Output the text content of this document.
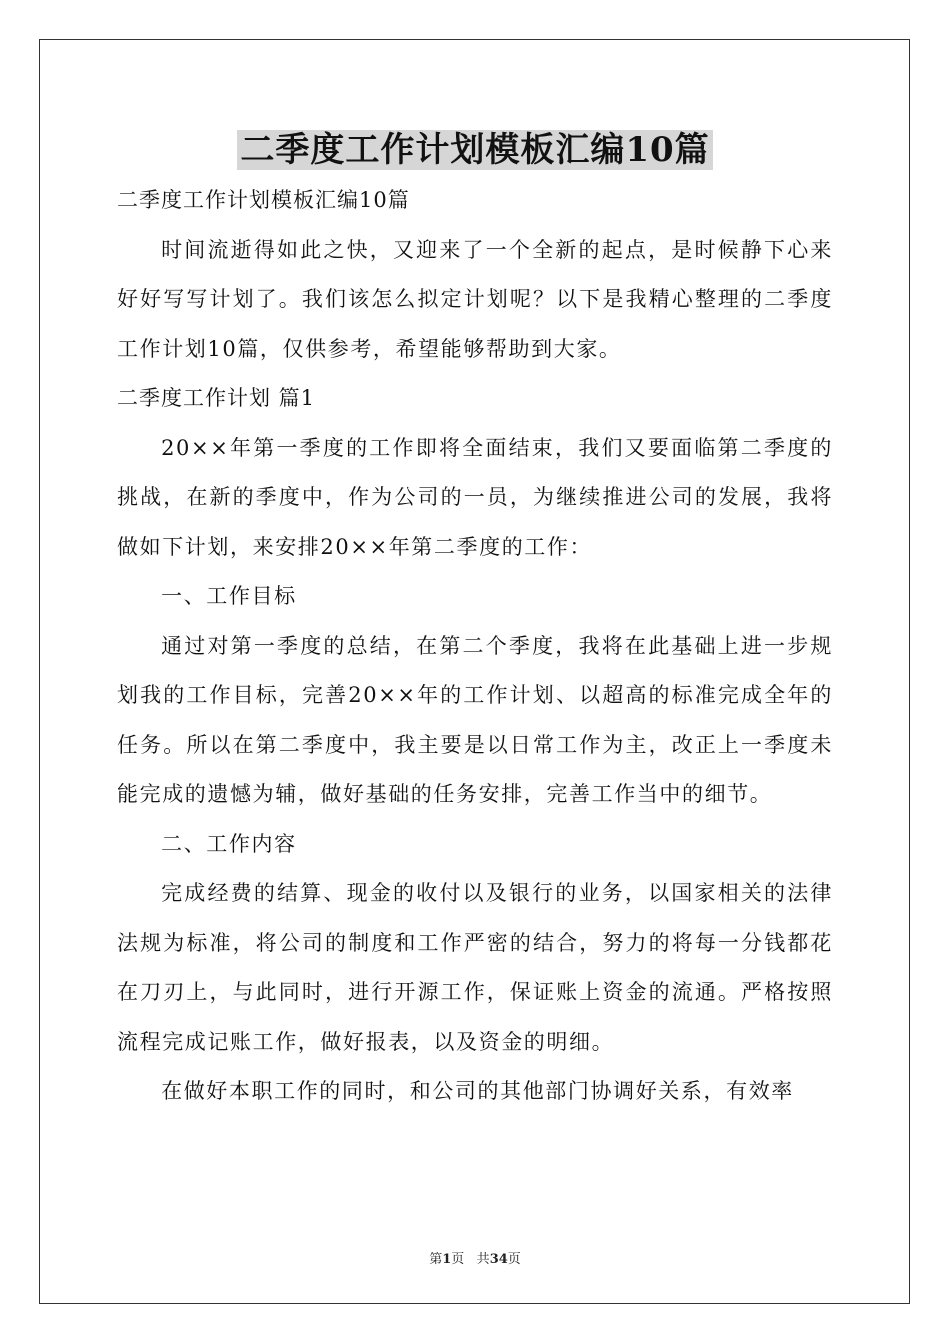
二季度工作计划模板汇编10篇

二季度工作计划模板汇编10篇

时间流逝得如此之快，又迎来了一个全新的起点，是时候静下心来好好写写计划了。我们该怎么拟定计划呢？以下是我精心整理的二季度工作计划10篇，仅供参考，希望能够帮助到大家。

二季度工作计划 篇1

20××年第一季度的工作即将全面结束，我们又要面临第二季度的挑战，在新的季度中，作为公司的一员，为继续推进公司的发展，我将做如下计划，来安排20××年第二季度的工作：

一、工作目标

通过对第一季度的总结，在第二个季度，我将在此基础上进一步规划我的工作目标，完善20××年的工作计划、以超高的标准完成全年的任务。所以在第二季度中，我主要是以日常工作为主，改正上一季度未能完成的遗憾为辅，做好基础的任务安排，完善工作当中的细节。

二、工作内容

完成经费的结算、现金的收付以及银行的业务，以国家相关的法律法规为标准，将公司的制度和工作严密的结合，努力的将每一分钱都花在刀刃上，与此同时，进行开源工作，保证账上资金的流通。严格按照流程完成记账工作，做好报表，以及资金的明细。

在做好本职工作的同时，和公司的其他部门协调好关系，有效率

第1页 共34页
